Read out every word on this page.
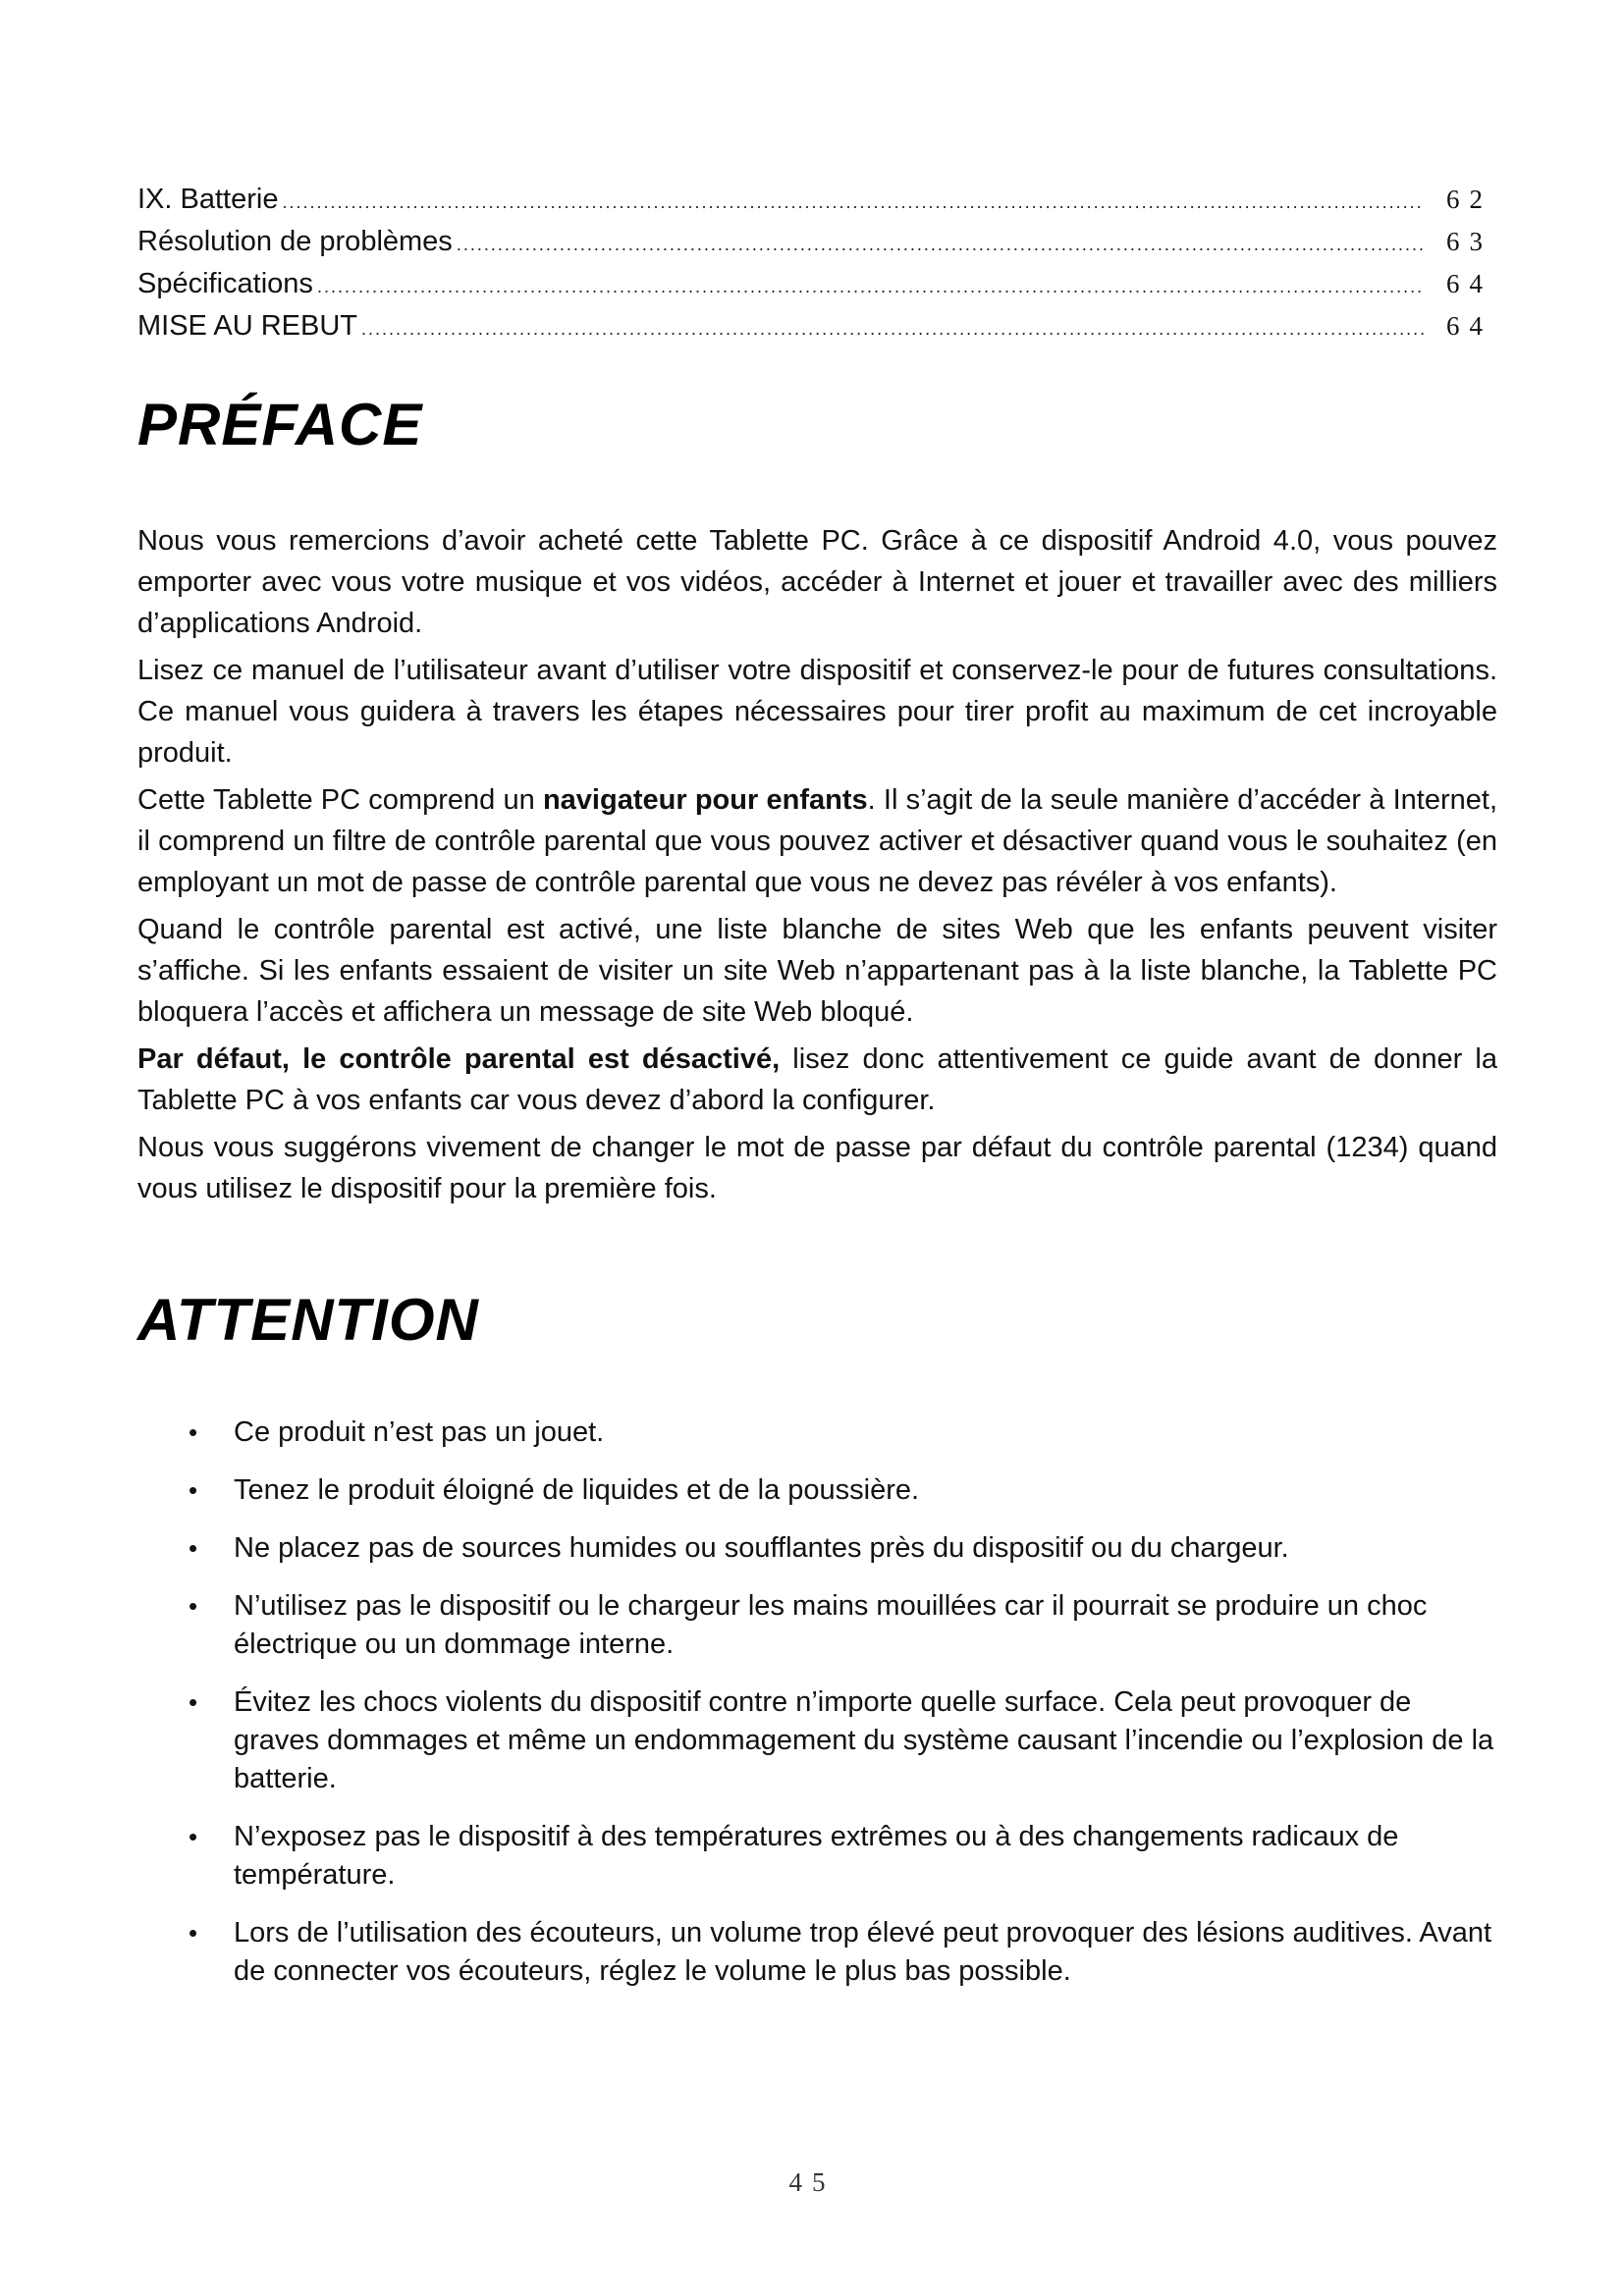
IX. Batterie .....	62
Résolution de problèmes .....	63
Spécifications .....	64
MISE AU REBUT .....	64
PRÉFACE

Nous vous remercions d’avoir acheté cette Tablette PC. Grâce à ce dispositif Android 4.0, vous pouvez emporter avec vous votre musique et vos vidéos, accéder à Internet et jouer et travailler avec des milliers d’applications Android.

Lisez ce manuel de l’utilisateur avant d’utiliser votre dispositif et conservez-le pour de futures consultations. Ce manuel vous guidera à travers les étapes nécessaires pour tirer profit au maximum de cet incroyable produit.

Cette Tablette PC comprend un navigateur pour enfants. Il s’agit de la seule manière d’accéder à Internet, il comprend un filtre de contrôle parental que vous pouvez activer et désactiver quand vous le souhaitez (en employant un mot de passe de contrôle parental que vous ne devez pas révéler à vos enfants).

Quand le contrôle parental est activé, une liste blanche de sites Web que les enfants peuvent visiter s’affiche. Si les enfants essaient de visiter un site Web n’appartenant pas à la liste blanche, la Tablette PC bloquera l’accès et affichera un message de site Web bloqué.

Par défaut, le contrôle parental est désactivé, lisez donc attentivement ce guide avant de donner la Tablette PC à vos enfants car vous devez d’abord la configurer.

Nous vous suggérons vivement de changer le mot de passe par défaut du contrôle parental (1234) quand vous utilisez le dispositif pour la première fois.

ATTENTION
• Ce produit n’est pas un jouet.
• Tenez le produit éloigné de liquides et de la poussière.
• Ne placez pas de sources humides ou soufflantes près du dispositif ou du chargeur.
• N’utilisez pas le dispositif ou le chargeur les mains mouillées car il pourrait se produire un choc électrique ou un dommage interne.
• Évitez les chocs violents du dispositif contre n’importe quelle surface. Cela peut provoquer de graves dommages et même un endommagement du système causant l’incendie ou l’explosion de la batterie.
• N’exposez pas le dispositif à des températures extrêmes ou à des changements radicaux de température.
• Lors de l’utilisation des écouteurs, un volume trop élevé peut provoquer des lésions auditives. Avant de connecter vos écouteurs, réglez le volume le plus bas possible.
45
